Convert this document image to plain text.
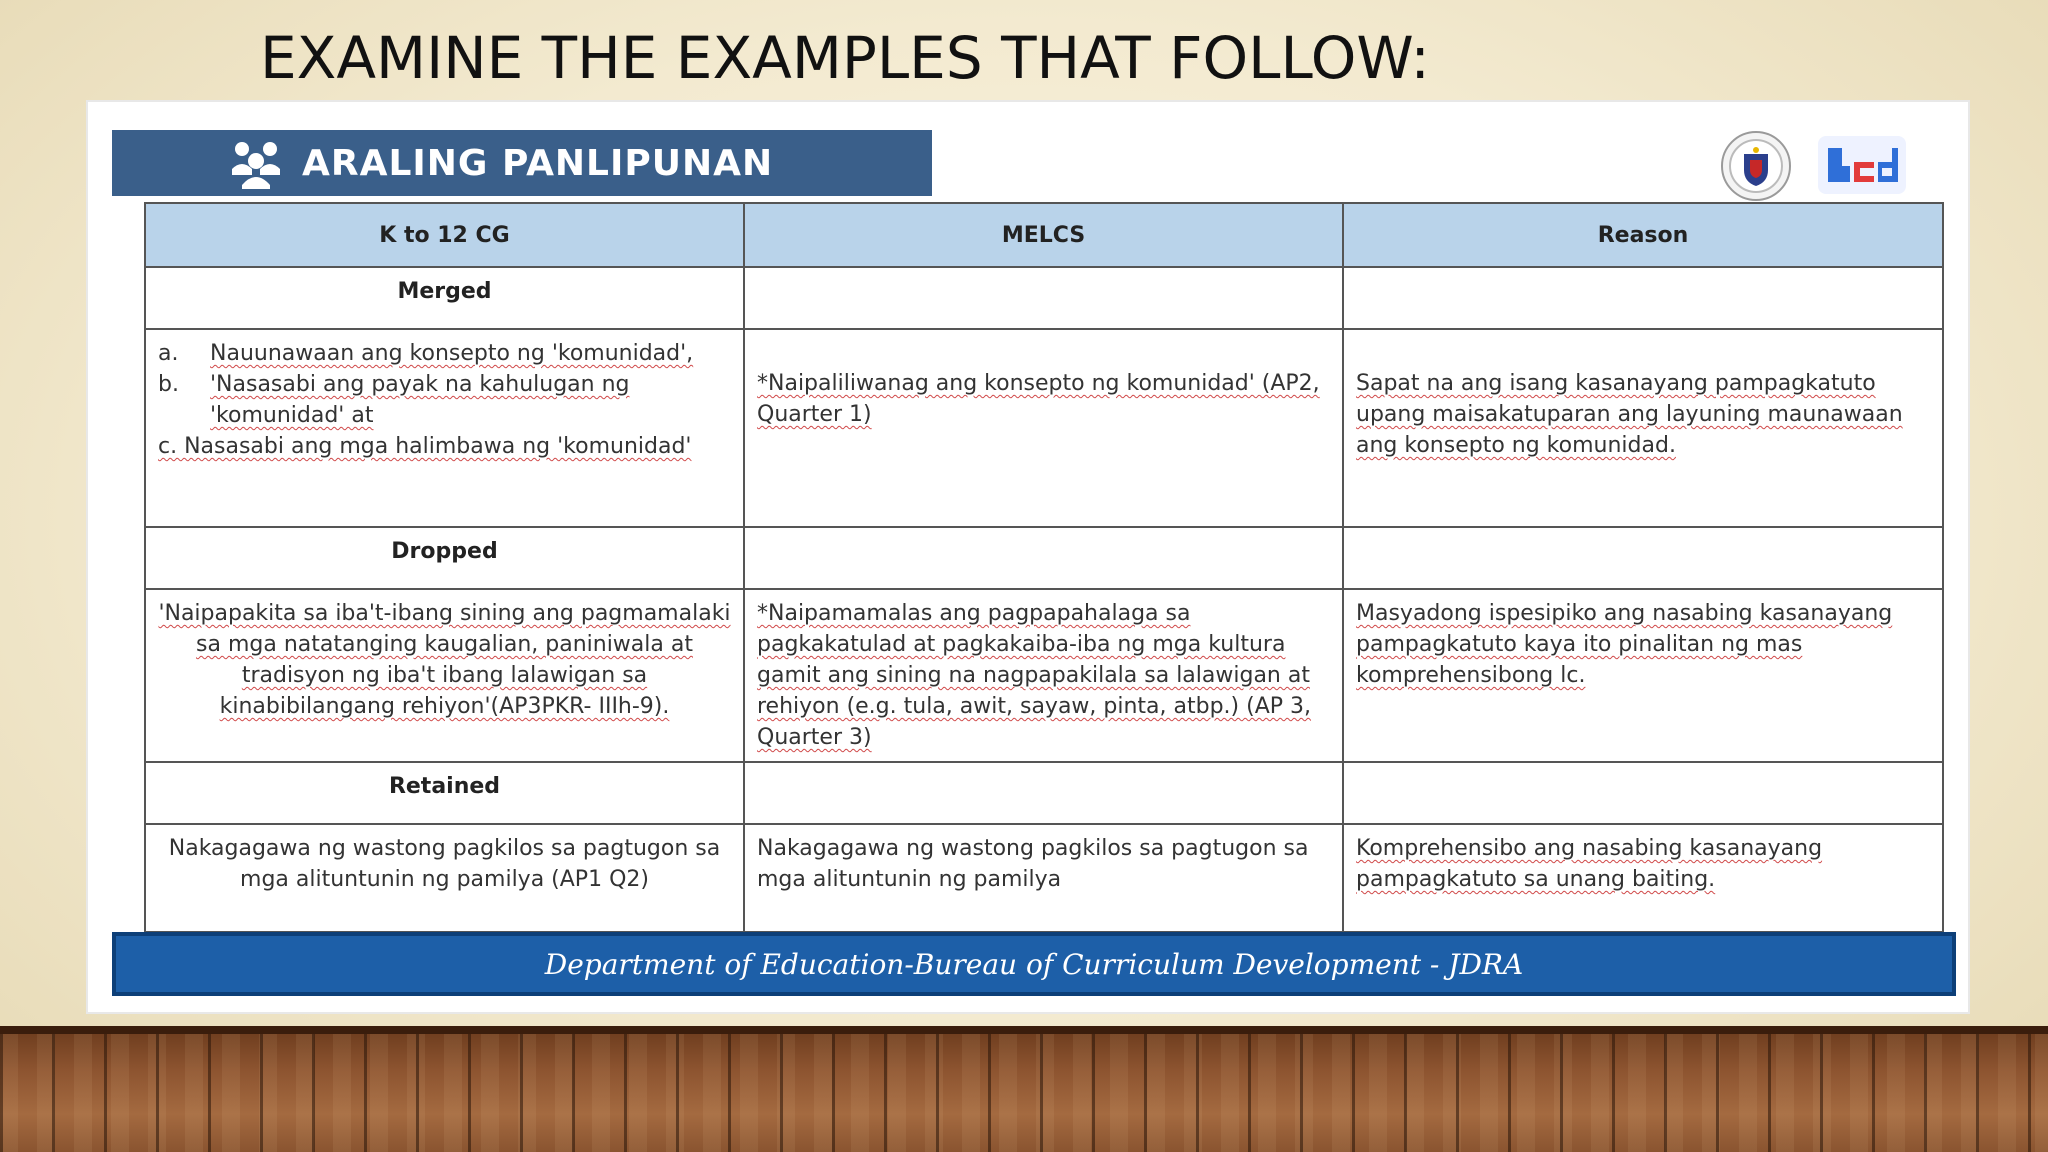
EXAMINE THE EXAMPLES THAT FOLLOW:
ARALING PANLIPUNAN
K to 12 CG	MELCS	Reason
Merged		

a. Nauunawaan ang konsepto ng 'komunidad',
b. 'Nasasabi ang payak na kahulugan ng 'komunidad' at
c. Nasasabi ang mga halimbawa ng 'komunidad'	*Naipaliliwanag ang konsepto ng komunidad' (AP2, Quarter 1)	Sapat na ang isang kasanayang pampagkatuto upang maisakatuparan ang layuning maunawaan ang konsepto ng komunidad.
Dropped		
'Naipapakita sa iba't-ibang sining ang pagmamalaki sa mga natatanging kaugalian, paniniwala at tradisyon ng iba't ibang lalawigan sa kinabibilangang rehiyon'(AP3PKR- IIIh-9).	*Naipamamalas ang pagpapahalaga sa pagkakatulad at pagkakaiba-iba ng mga kultura gamit ang sining na nagpapakilala sa lalawigan at rehiyon (e.g. tula, awit, sayaw, pinta, atbp.) (AP 3, Quarter 3)	Masyadong ispesipiko ang nasabing kasanayang pampagkatuto kaya ito pinalitan ng mas komprehensibong lc.
Retained		
Nakagagawa ng wastong pagkilos sa pagtugon sa mga alituntunin ng pamilya (AP1 Q2)	Nakagagawa ng wastong pagkilos sa pagtugon sa mga alituntunin ng pamilya	Komprehensibo ang nasabing kasanayang pampagkatuto sa unang baiting.
Department of Education-Bureau of Curriculum Development - JDRA
